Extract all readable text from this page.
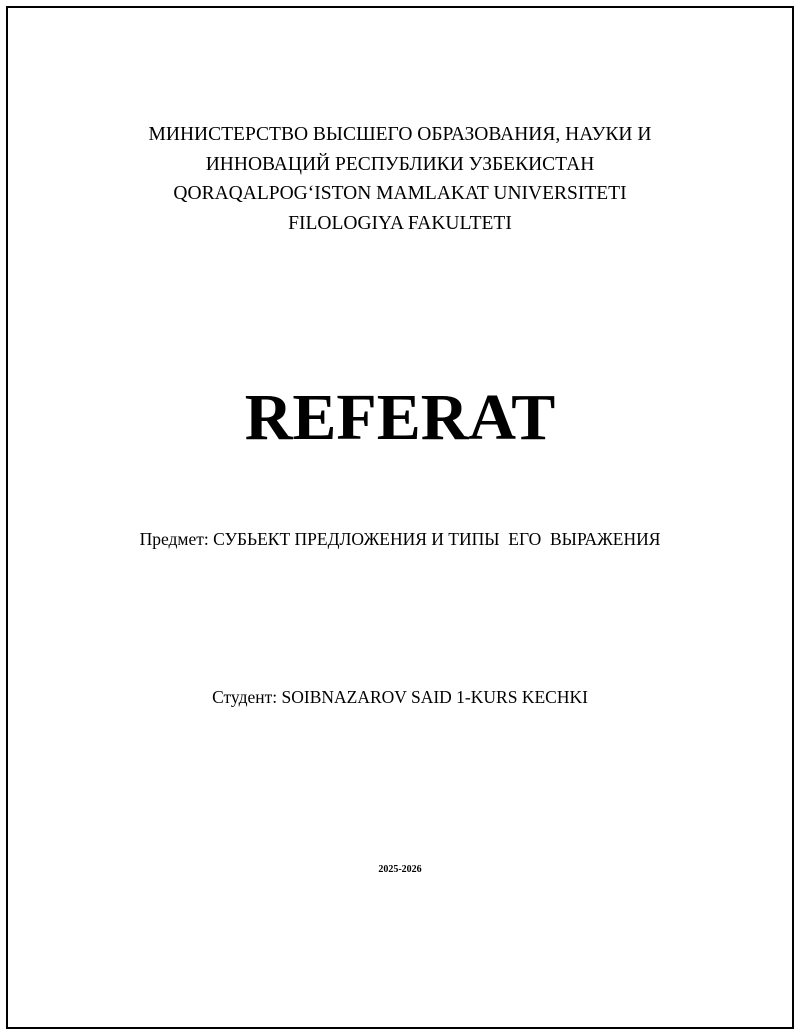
МИНИСТЕРСТВО ВЫСШЕГО ОБРАЗОВАНИЯ, НАУКИ И
ИННОВАЦИЙ РЕСПУБЛИКИ УЗБЕКИСТАН
QORAQALPOG‘ISTON MAMLAKAT UNIVERSITETI
FILOLOGIYA FAKULTETI
REFERAT
Предмет: СУБЬЕКТ ПРЕДЛОЖЕНИЯ И ТИПЫ  ЕГО  ВЫРАЖЕНИЯ
Студент: SOIBNAZAROV SAID 1-KURS KECHKI
2025-2026
